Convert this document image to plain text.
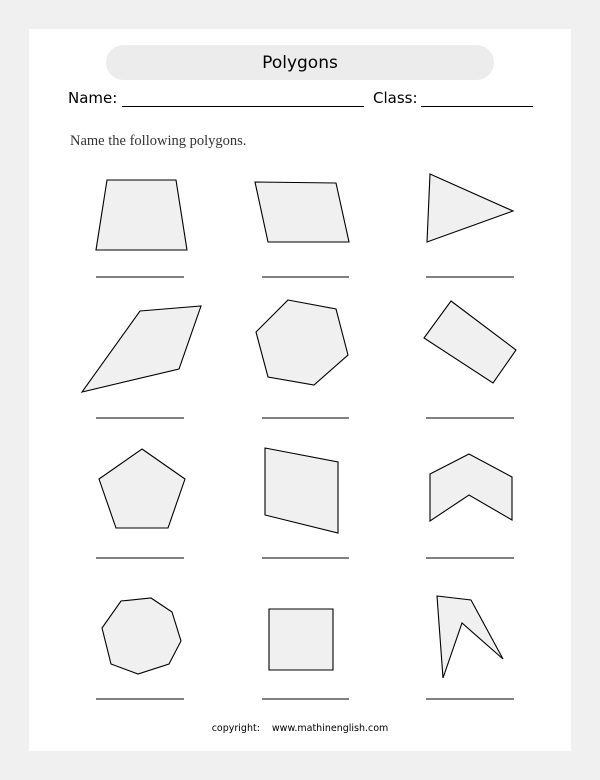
Polygons
Name:	Class:
Name the following polygons.
copyright: www.mathinenglish.com
